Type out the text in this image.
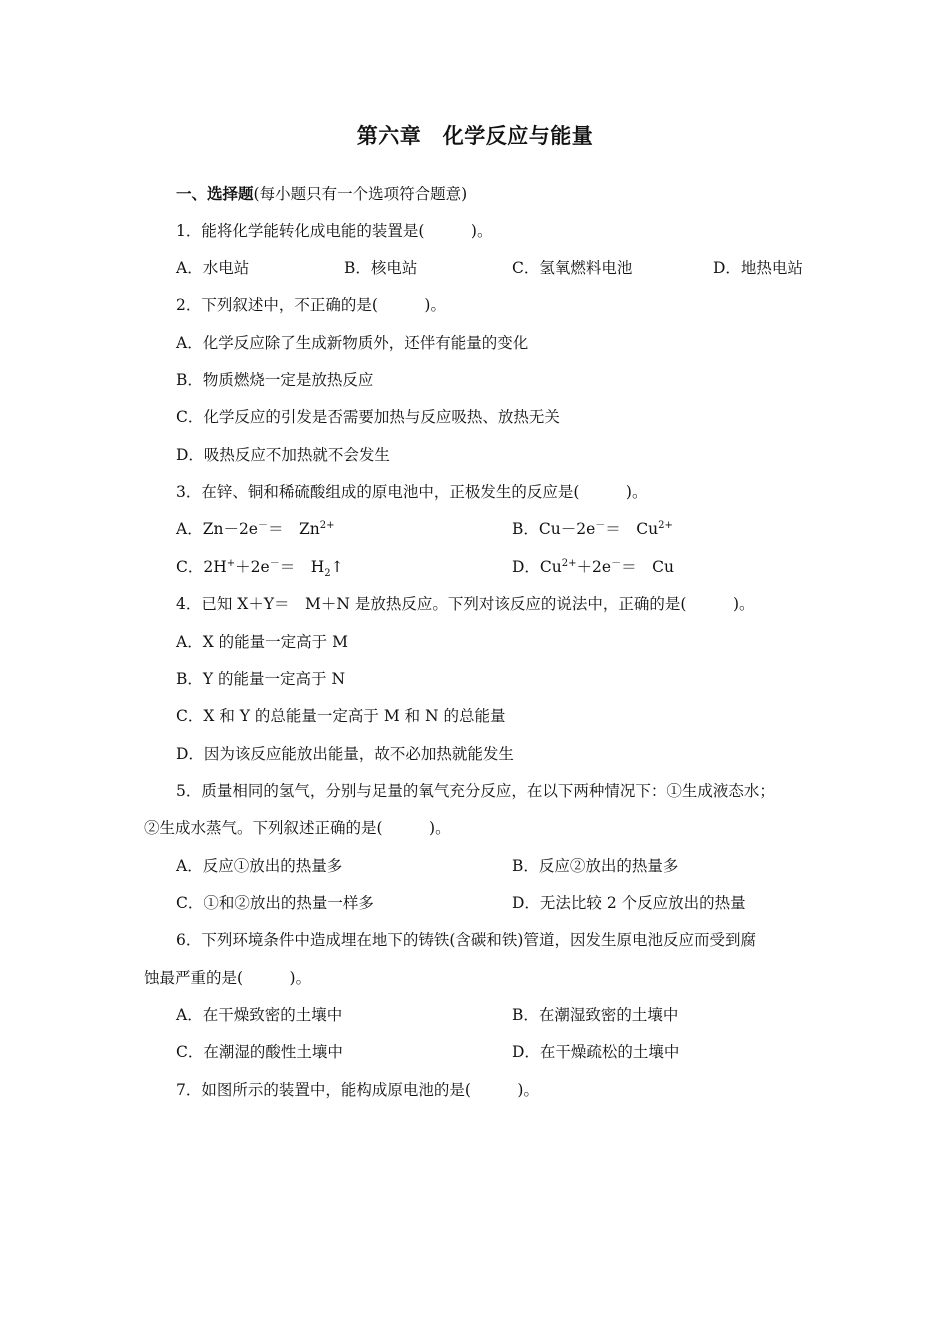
第六章　化学反应与能量
一、选择题(每小题只有一个选项符合题意)
1．能将化学能转化成电能的装置是(　　　)。
A．水电站	B．核电站	C．氢氧燃料电池	D．地热电站
2．下列叙述中，不正确的是(　　　)。
A．化学反应除了生成新物质外，还伴有能量的变化
B．物质燃烧一定是放热反应
C．化学反应的引发是否需要加热与反应吸热、放热无关
D．吸热反应不加热就不会发生
3．在锌、铜和稀硫酸组成的原电池中，正极发生的反应是(　　　)。
A．Zn－2e－＝　$Zn^{2+}$	B．Cu－2e－＝　$Cu^{2+}$
C．2H+＋2e－＝　$H_2↑$	D．$Cu^{2+}+2e^-=$　Cu
4．已知 X＋Y＝　M＋N 是放热反应。下列对该反应的说法中，正确的是(　　　)。
A．X 的能量一定高于 M
B．Y 的能量一定高于 N
C．X 和 Y 的总能量一定高于 M 和 N 的总能量
D．因为该反应能放出能量，故不必加热就能发生
5．质量相同的氢气，分别与足量的氧气充分反应，在以下两种情况下：①生成液态水；
②生成水蒸气。下列叙述正确的是(　　　)。
A．反应①放出的热量多	B．反应②放出的热量多
C．①和②放出的热量一样多	D．无法比较 2 个反应放出的热量
6．下列环境条件中造成埋在地下的铸铁(含碳和铁)管道，因发生原电池反应而受到腐
蚀最严重的是(　　　)。
A．在干燥致密的土壤中	B．在潮湿致密的土壤中
C．在潮湿的酸性土壤中	D．在干燥疏松的土壤中
7．如图所示的装置中，能构成原电池的是(　　　)。
